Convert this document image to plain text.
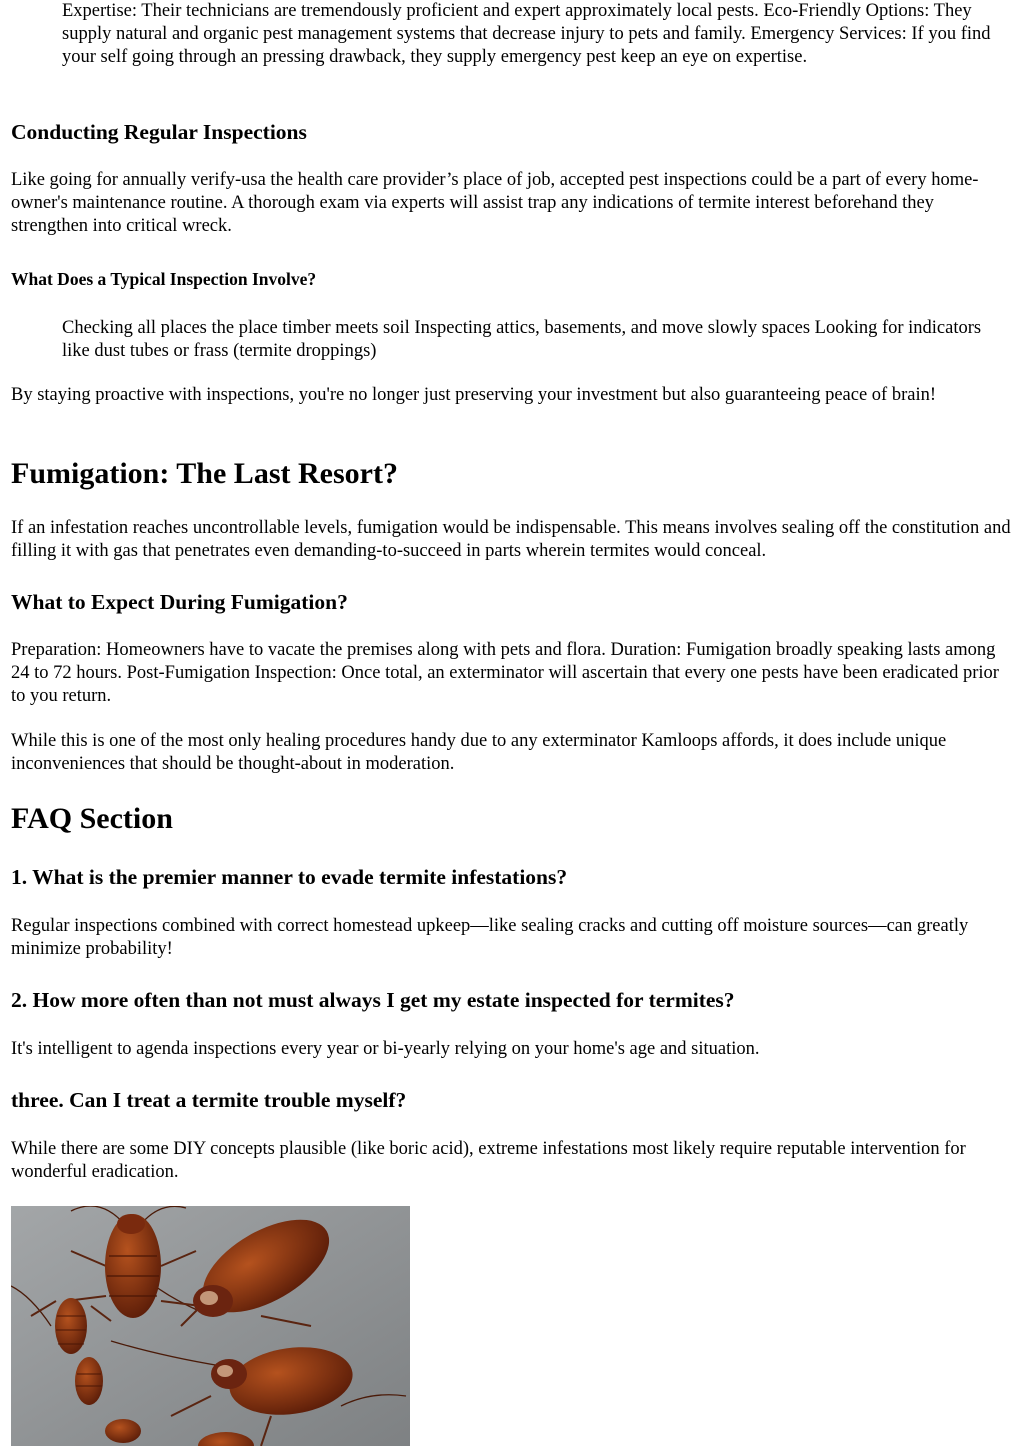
Expertise: Their technicians are tremendously proficient and expert approximately local pests. Eco-Friendly Options: They supply natural and organic pest management systems that decrease injury to pets and family. Emergency Services: If you find your self going through an pressing drawback, they supply emergency pest keep an eye on expertise.

Conducting Regular Inspections

Like going for annually verify-usa the health care provider’s place of job, accepted pest inspections could be a part of every home-owner's maintenance routine. A thorough exam via experts will assist trap any indications of termite interest beforehand they strengthen into critical wreck.

What Does a Typical Inspection Involve?

Checking all places the place timber meets soil Inspecting attics, basements, and move slowly spaces Looking for indicators like dust tubes or frass (termite droppings)

By staying proactive with inspections, you're no longer just preserving your investment but also guaranteeing peace of brain!

Fumigation: The Last Resort?

If an infestation reaches uncontrollable levels, fumigation would be indispensable. This means involves sealing off the constitution and filling it with gas that penetrates even demanding-to-succeed in parts wherein termites would conceal.

What to Expect During Fumigation?

Preparation: Homeowners have to vacate the premises along with pets and flora. Duration: Fumigation broadly speaking lasts among 24 to 72 hours. Post-Fumigation Inspection: Once total, an exterminator will ascertain that every one pests have been eradicated prior to you return.

While this is one of the most only healing procedures handy due to any exterminator Kamloops affords, it does include unique inconveniences that should be thought-about in moderation.

FAQ Section
1. What is the premier manner to evade termite infestations?

Regular inspections combined with correct homestead upkeep—like sealing cracks and cutting off moisture sources—can greatly minimize probability!

2. How more often than not must always I get my estate inspected for termites?

It's intelligent to agenda inspections every year or bi-yearly relying on your home's age and situation.

three. Can I treat a termite trouble myself?

While there are some DIY concepts plausible (like boric acid), extreme infestations most likely require reputable intervention for wonderful eradication.
